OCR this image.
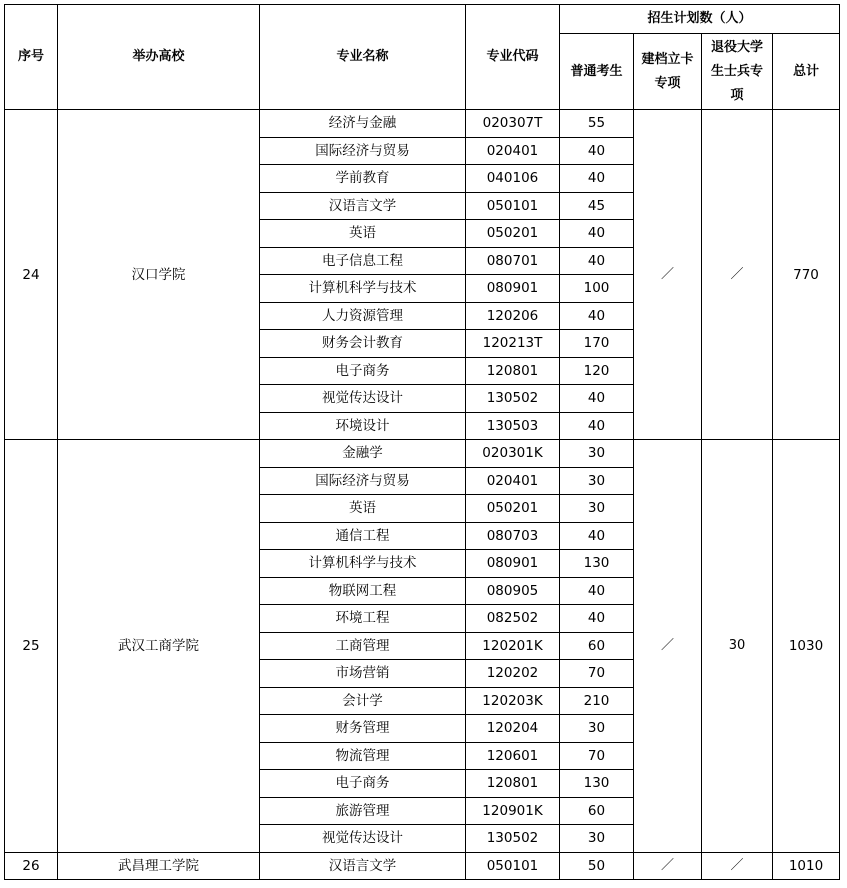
序号	举办高校	专业名称	专业代码	招生计划数（人）			
				普通考生	建档立卡专项	退役大学生士兵专项	总计
24	汉口学院	经济与金融	020307T	55	／	／	770
		国际经济与贸易	020401	40			
		学前教育	040106	40			
		汉语言文学	050101	45			
		英语	050201	40			
		电子信息工程	080701	40			
		计算机科学与技术	080901	100			
		人力资源管理	120206	40			
		财务会计教育	120213T	170			
		电子商务	120801	120			
		视觉传达设计	130502	40			
		环境设计	130503	40			
25	武汉工商学院	金融学	020301K	30	／	30	1030
		国际经济与贸易	020401	30			
		英语	050201	30			
		通信工程	080703	40			
		计算机科学与技术	080901	130			
		物联网工程	080905	40			
		环境工程	082502	40			
		工商管理	120201K	60			
		市场营销	120202	70			
		会计学	120203K	210			
		财务管理	120204	30			
		物流管理	120601	70			
		电子商务	120801	130			
		旅游管理	120901K	60			
		视觉传达设计	130502	30			
26	武昌理工学院	汉语言文学	050101	50	／	／	1010
